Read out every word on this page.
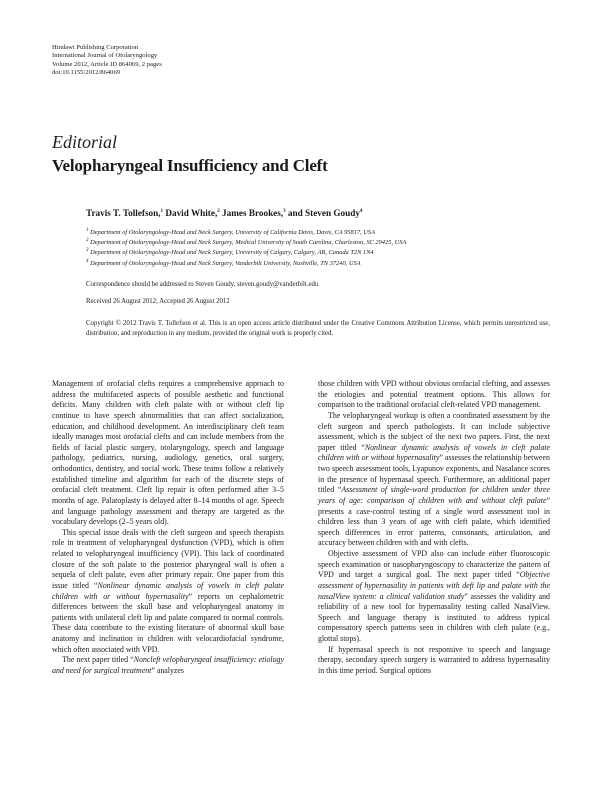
Hindawi Publishing Corporation
International Journal of Otolaryngology
Volume 2012, Article ID 864069, 2 pages
doi:10.1155/2012/864069
Editorial
Velopharyngeal Insufficiency and Cleft
Travis T. Tollefson,$^1$ David White,$^2$ James Brookes,$^3$ and Steven Goudy$^4$
$^1$ Department of Otolaryngology-Head and Neck Surgery, University of California Davis, Davis, CA 95817, USA
$^2$ Department of Otolaryngology-Head and Neck Surgery, Medical University of South Carolina, Charleston, SC 29425, USA
$^3$ Department of Otolaryngology-Head and Neck Surgery, University of Calgary, Calgary, AB, Canada T2N 1N4
$^4$ Department of Otolaryngology-Head and Neck Surgery, Vanderbilt University, Nashville, TN 37240, USA
Correspondence should be addressed to Steven Goudy, steven.goudy@vanderbilt.edu
Received 26 August 2012; Accepted 26 August 2012
Copyright © 2012 Travis T. Tollefson et al. This is an open access article distributed under the Creative Commons Attribution License, which permits unrestricted use, distribution, and reproduction in any medium, provided the original work is properly cited.

Management of orofacial clefts requires a comprehensive approach to address the multifaceted aspects of possible aesthetic and functional deficits. Many children with cleft palate with or without cleft lip continue to have speech abnormalities that can affect socialization, education, and childhood development. An interdisciplinary cleft team ideally manages most orofacial clefts and can include members from the fields of facial plastic surgery, otolaryngology, speech and language pathology, pediatrics, nursing, audiology, genetics, oral surgery, orthodontics, dentistry, and social work. These teams follow a relatively established timeline and algorithm for each of the discrete steps of orofacial cleft treatment. Cleft lip repair is often performed after 3–5 months of age. Palatoplasty is delayed after 8–14 months of age. Speech and language pathology assessment and therapy are targeted as the vocabulary develops (2–5 years old).

This special issue deals with the cleft surgeon and speech therapists role in treatment of velopharyngeal dysfunction (VPD), which is often related to velopharyngeal insufficiency (VPI). This lack of coordinated closure of the soft palate to the posterior pharyngeal wall is often a sequela of cleft palate, even after primary repair. One paper from this issue titled “Nonlinear dynamic analysis of vowels in cleft palate children with or without hypernasality” reports on cephalometric differences between the skull base and velopharyngeal anatomy in patients with unilateral cleft lip and palate compared to normal controls. These data contribute to the existing literature of abnormal skull base anatomy and inclination in children with velocardiofacial syndrome, which often associated with VPD.

The next paper titled “Noncleft velopharyngeal insufficiency: etiology and need for surgical treatment” analyzes

those children with VPD without obvious orofacial clefting, and assesses the etiologies and potential treatment options. This allows for comparison to the traditional orofacial cleft-related VPD management.

The velopharyngeal workup is often a coordinated assessment by the cleft surgeon and speech pathologists. It can include subjective assessment, which is the subject of the next two papers. First, the next paper titled “Nonlinear dynamic analysis of vowels in cleft palate children with or without hypernasality” assesses the relationship between two speech assessment tools, Lyapunov exponents, and Nasalance scores in the presence of hypernasal speech. Furthermore, an additional paper titled “Assessment of single-word production for children under three years of age: comparison of children with and without cleft palate” presents a case-control testing of a single word assessment tool in children less than 3 years of age with cleft palate, which identified speech differences in error patterns, consonants, articulation, and accuracy between children with and with clefts.

Objective assessment of VPD also can include either fluoroscopic speech examination or nasopharyngoscopy to characterize the pattern of VPD and target a surgical goal. The next paper titled “Objective assessment of hypernasality in patients with deft lip and palate with the nasalView system: a clinical validation study” assesses the validity and reliability of a new tool for hypernasality testing called NasalView. Speech and language therapy is instituted to address typical compensatory speech patterns seen in children with cleft palate (e.g., glottal stops).

If hypernasal speech is not responsive to speech and language therapy, secondary speech surgery is warranted to address hypernasality in this time period. Surgical options
